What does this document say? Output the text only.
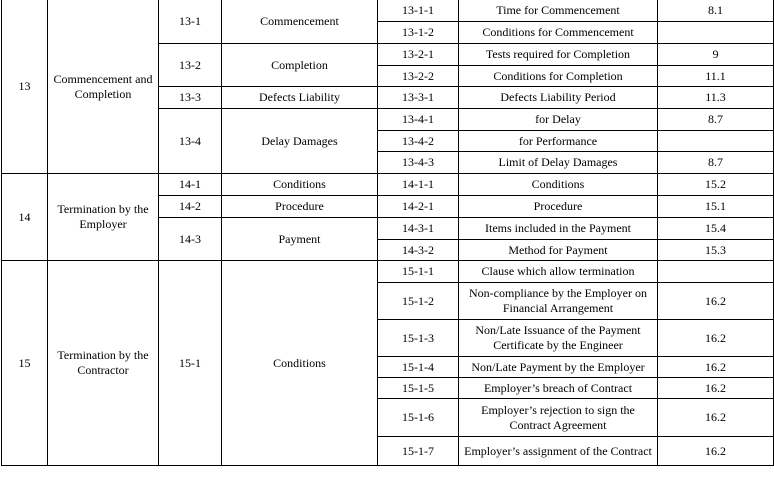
13	Commencement and Completion	13-1	Commencement	13-1-1	Time for Commencement	8.1
				13-1-2	Conditions for Commencement	
		13-2	Completion	13-2-1	Tests required for Completion	9
				13-2-2	Conditions for Completion	11.1
		13-3	Defects Liability	13-3-1	Defects Liability Period	11.3
		13-4	Delay Damages	13-4-1	for Delay	8.7
				13-4-2	for Performance	
				13-4-3	Limit of Delay Damages	8.7
14	Termination by the Employer	14-1	Conditions	14-1-1	Conditions	15.2
		14-2	Procedure	14-2-1	Procedure	15.1
		14-3	Payment	14-3-1	Items included in the Payment	15.4
				14-3-2	Method for Payment	15.3
15	Termination by the Contractor	15-1	Conditions	15-1-1	Clause which allow termination	
				15-1-2	Non-compliance by the Employer on Financial Arrangement	16.2
				15-1-3	Non/Late Issuance of the Payment Certificate by the Engineer	16.2
				15-1-4	Non/Late Payment by the Employer	16.2
				15-1-5	Employer’s breach of Contract	16.2
				15-1-6	Employer’s rejection to sign the Contract Agreement	16.2
				15-1-7	Employer’s assignment of the Contract	16.2
